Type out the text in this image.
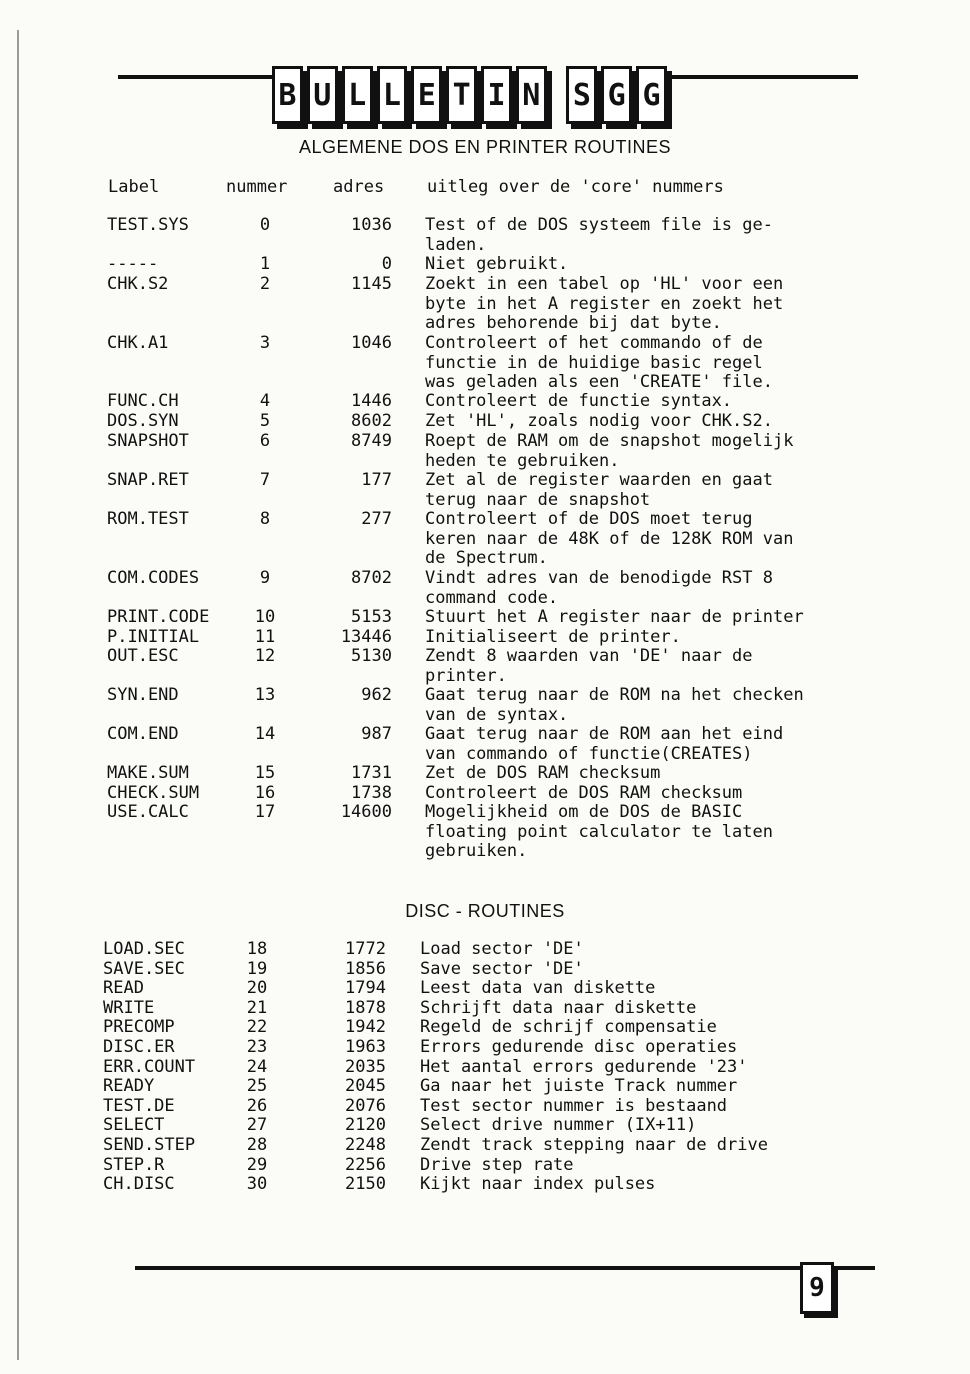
B U L L E T I N S G G
ALGEMENE DOS EN PRINTER ROUTINES
Label	nummer	adres	uitleg over de 'core' nummers
TEST.SYS	0	1036 Test of de DOS systeem file is ge-
laden.
-----	1	0 Niet gebruikt.
CHK.S2	2	1145 Zoekt in een tabel op 'HL' voor een
byte in het A register en zoekt het
adres behorende bij dat byte.
CHK.A1	3	1046 Controleert of het commando of de
functie in de huidige basic regel
was geladen als een 'CREATE' file.
FUNC.CH	4	1446 Controleert de functie syntax.
DOS.SYN	5	8602 Zet 'HL', zoals nodig voor CHK.S2.
SNAPSHOT	6	8749 Roept de RAM om de snapshot mogelijk
heden te gebruiken.
SNAP.RET	7	177 Zet al de register waarden en gaat
terug naar de snapshot
ROM.TEST	8	277 Controleert of de DOS moet terug
keren naar de 48K of de 128K ROM van
de Spectrum.
COM.CODES	9	8702 Vindt adres van de benodigde RST 8
command code.
PRINT.CODE	10	5153 Stuurt het A register naar de printer
P.INITIAL	11	13446 Initialiseert de printer.
OUT.ESC	12	5130 Zendt 8 waarden van 'DE' naar de
printer.
SYN.END	13	962 Gaat terug naar de ROM na het checken
van de syntax.
COM.END	14	987 Gaat terug naar de ROM aan het eind
van commando of functie(CREATES)
MAKE.SUM	15	1731 Zet de DOS RAM checksum
CHECK.SUM	16	1738 Controleert de DOS RAM checksum
USE.CALC	17	14600 Mogelijkheid om de DOS de BASIC
floating point calculator te laten
gebruiken.
DISC - ROUTINES
LOAD.SEC	18	1772 Load sector 'DE'
SAVE.SEC	19	1856 Save sector 'DE'
READ	20	1794 Leest data van diskette
WRITE	21	1878 Schrijft data naar diskette
PRECOMP	22	1942 Regeld de schrijf compensatie
DISC.ER	23	1963 Errors gedurende disc operaties
ERR.COUNT	24	2035 Het aantal errors gedurende '23'
READY	25	2045 Ga naar het juiste Track nummer
TEST.DE	26	2076 Test sector nummer is bestaand
SELECT	27	2120 Select drive nummer (IX+11)
SEND.STEP	28	2248 Zendt track stepping naar de drive
STEP.R	29	2256 Drive step rate
CH.DISC	30	2150 Kijkt naar index pulses
9
